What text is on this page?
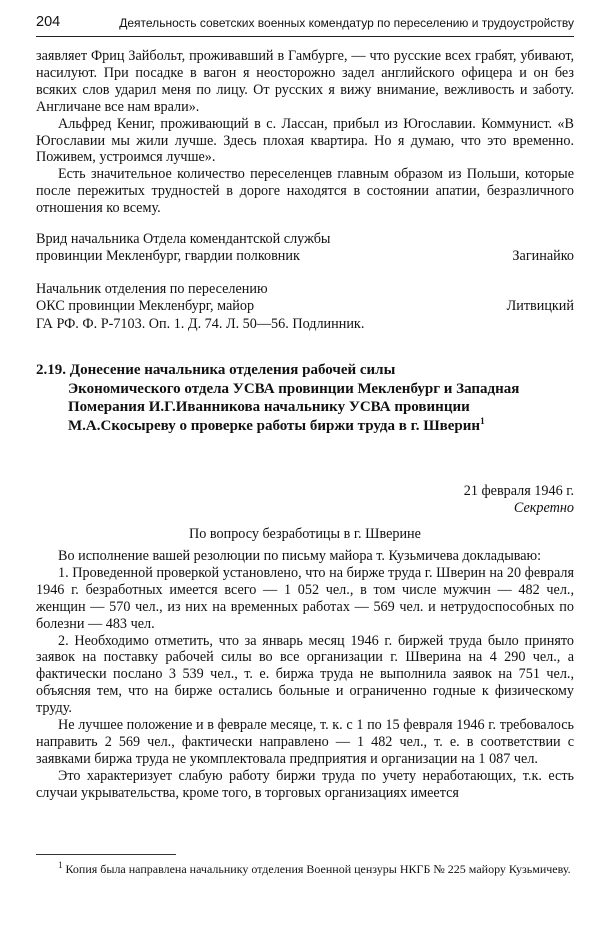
204	Деятельность советских военных комендатур по переселению и трудоустройству

заявляет Фриц Зайбольт, проживавший в Гамбурге, — что русские всех грабят, убивают, насилуют. При посадке в вагон я неосторожно задел английского офицера и он без всяких слов ударил меня по лицу. От русских я вижу внимание, вежливость и заботу. Англичане все нам врали».

Альфред Кениг, проживающий в с. Лассан, прибыл из Югославии. Коммунист. «В Югославии мы жили лучше. Здесь плохая квартира. Но я думаю, что это временно. Поживем, устроимся лучше».

Есть значительное количество переселенцев главным образом из Польши, которые после пережитых трудностей в дороге находятся в состоянии апатии, безразличного отношения ко всему.

Врид начальника Отдела комендантской службы
провинции Мекленбург, гвардии полковник	Загинайко
Начальник отделения по переселению
ОКС провинции Мекленбург, майор	Литвицкий
ГА РФ. Ф. Р-7103. Оп. 1. Д. 74. Л. 50—56. Подлинник.
2.19. Донесение начальника отделения рабочей силы
Экономического отдела УСВА провинции Мекленбург и Западная Померания И.Г.Иванникова начальнику УСВА провинции М.А.Скосыреву о проверке работы биржи труда в г. Шверин$^1$
21 февраля 1946 г.
Секретно
По вопросу безработицы в г. Шверине

Во исполнение вашей резолюции по письму майора т. Кузьмичева докладываю:

1. Проведенной проверкой установлено, что на бирже труда г. Шверин на 20 февраля 1946 г. безработных имеется всего — 1 052 чел., в том числе мужчин — 482 чел., женщин — 570 чел., из них на временных работах — 569 чел. и нетрудоспособных по болезни — 483 чел.

2. Необходимо отметить, что за январь месяц 1946 г. биржей труда было принято заявок на поставку рабочей силы во все организации г. Шверина на 4 290 чел., а фактически послано 3 539 чел., т. е. биржа труда не выполнила заявок на 751 чел., объясняя тем, что на бирже остались больные и ограниченно годные к физическому труду.

Не лучшее положение и в феврале месяце, т. к. с 1 по 15 февраля 1946 г. требовалось направить 2 569 чел., фактически направлено — 1 482 чел., т. е. в соответствии с заявками биржа труда не укомплектовала предприятия и организации на 1 087 чел.

Это характеризует слабую работу биржи труда по учету неработающих, т.к. есть случаи укрывательства, кроме того, в торговых организациях имеется

$^1$ Копия была направлена начальнику отделения Военной цензуры НКГБ № 225 майору Кузьмичеву.
